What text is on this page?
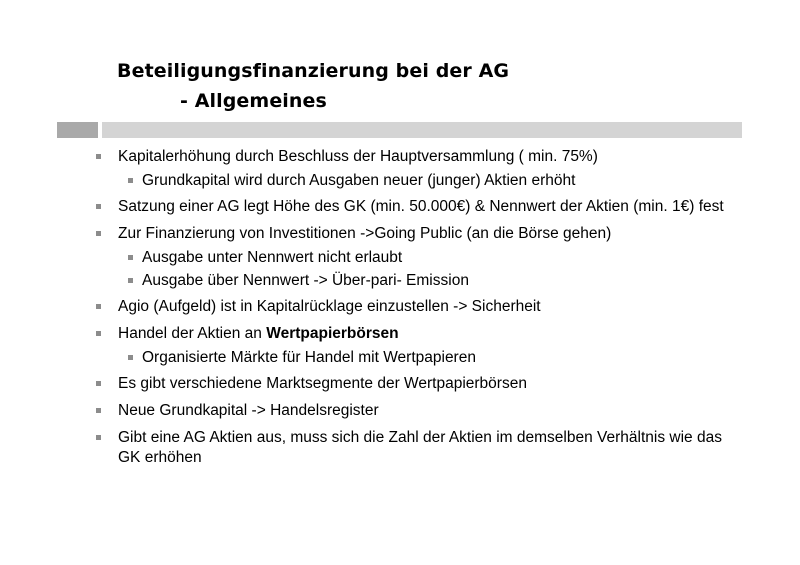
Beteiligungsfinanzierung bei der AG
- Allgemeines
Kapitalerhöhung durch Beschluss der Hauptversammlung ( min. 75%)
Grundkapital wird durch Ausgaben neuer (junger) Aktien erhöht
Satzung einer AG legt Höhe des GK (min. 50.000€) & Nennwert der Aktien (min. 1€) fest
Zur Finanzierung von Investitionen ->Going Public (an die Börse gehen)
Ausgabe unter Nennwert nicht erlaubt
Ausgabe über Nennwert -> Über-pari- Emission
Agio (Aufgeld) ist in Kapitalrücklage einzustellen -> Sicherheit
Handel der Aktien an Wertpapierbörsen
Organisierte Märkte für Handel mit Wertpapieren
Es gibt verschiedene Marktsegmente der Wertpapierbörsen
Neue Grundkapital -> Handelsregister
Gibt eine AG Aktien aus, muss sich die Zahl der Aktien im demselben Verhältnis wie das GK erhöhen
